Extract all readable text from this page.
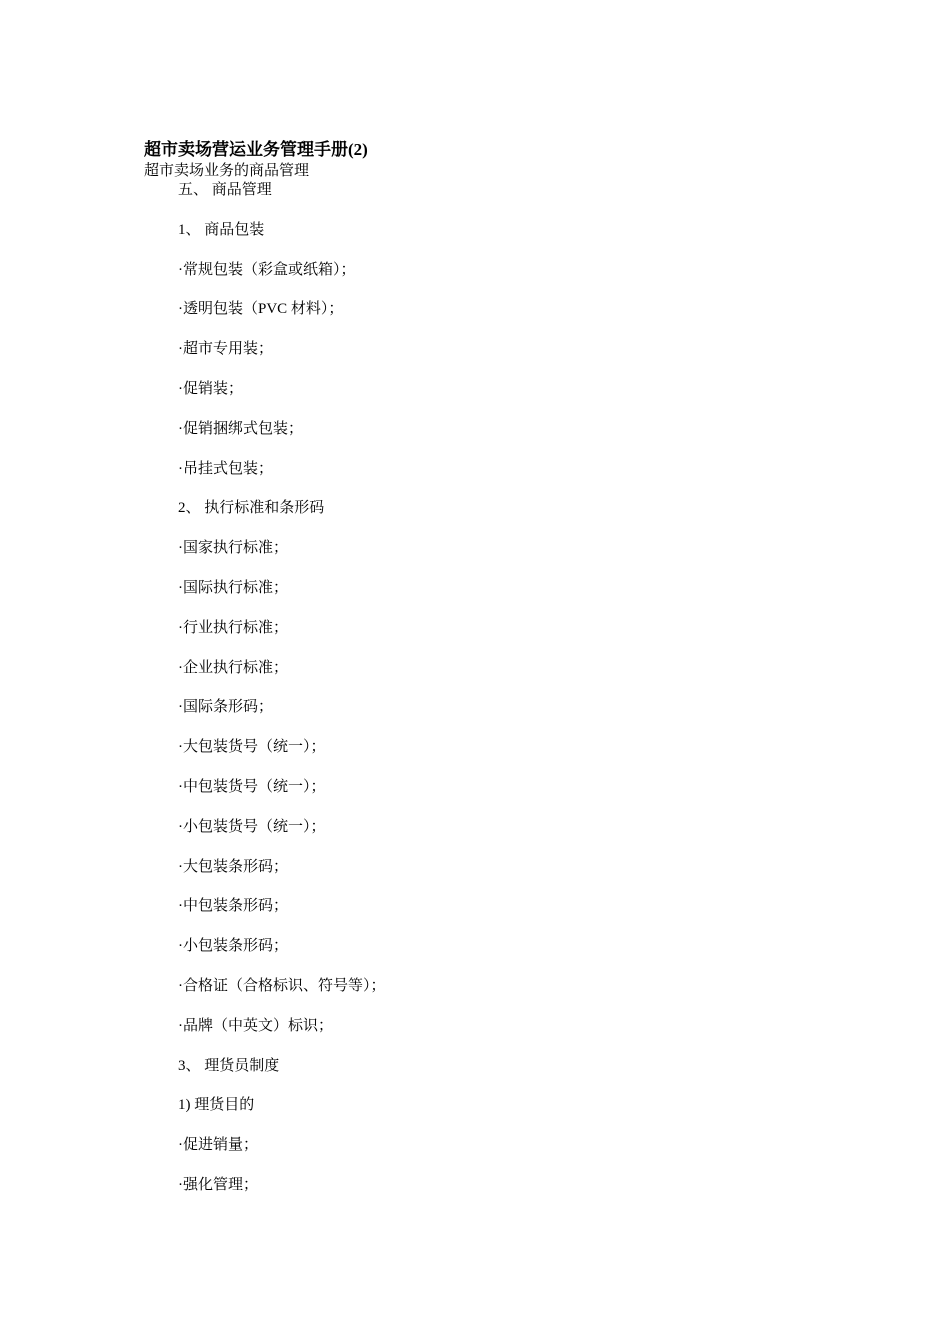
超市卖场营运业务管理手册(2)
超市卖场业务的商品管理
五、 商品管理
1、 商品包装
·常规包装（彩盒或纸箱）；
·透明包装（PVC 材料）；
·超市专用装；
·促销装；
·促销捆绑式包装；
·吊挂式包装；
2、 执行标准和条形码
·国家执行标准；
·国际执行标准；
·行业执行标准；
·企业执行标准；
·国际条形码；
·大包装货号（统一）；
·中包装货号（统一）；
·小包装货号（统一）；
·大包装条形码；
·中包装条形码；
·小包装条形码；
·合格证（合格标识、符号等）；
·品牌（中英文）标识；
3、 理货员制度
1) 理货目的
·促进销量；
·强化管理；
